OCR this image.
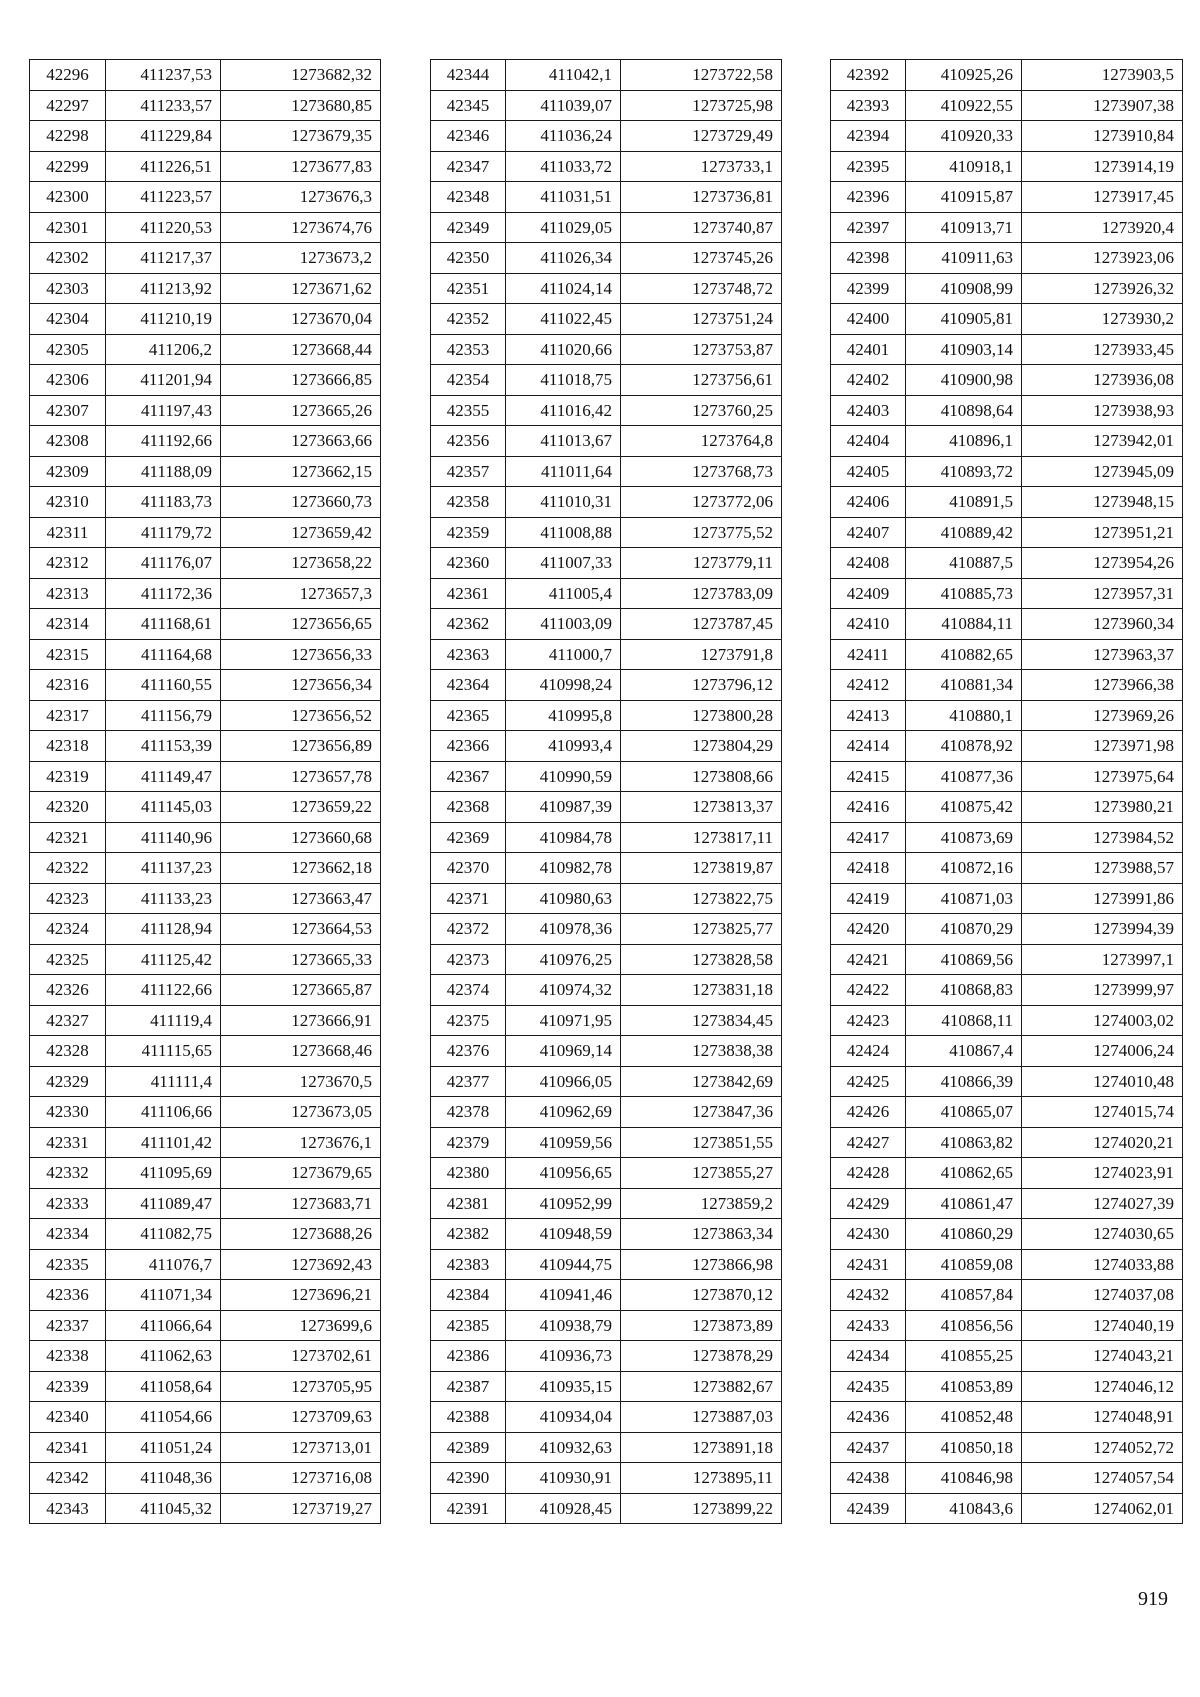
42296	411237,53	1273682,32
42297	411233,57	1273680,85
42298	411229,84	1273679,35
42299	411226,51	1273677,83
42300	411223,57	1273676,3
42301	411220,53	1273674,76
42302	411217,37	1273673,2
42303	411213,92	1273671,62
42304	411210,19	1273670,04
42305	411206,2	1273668,44
42306	411201,94	1273666,85
42307	411197,43	1273665,26
42308	411192,66	1273663,66
42309	411188,09	1273662,15
42310	411183,73	1273660,73
42311	411179,72	1273659,42
42312	411176,07	1273658,22
42313	411172,36	1273657,3
42314	411168,61	1273656,65
42315	411164,68	1273656,33
42316	411160,55	1273656,34
42317	411156,79	1273656,52
42318	411153,39	1273656,89
42319	411149,47	1273657,78
42320	411145,03	1273659,22
42321	411140,96	1273660,68
42322	411137,23	1273662,18
42323	411133,23	1273663,47
42324	411128,94	1273664,53
42325	411125,42	1273665,33
42326	411122,66	1273665,87
42327	411119,4	1273666,91
42328	411115,65	1273668,46
42329	411111,4	1273670,5
42330	411106,66	1273673,05
42331	411101,42	1273676,1
42332	411095,69	1273679,65
42333	411089,47	1273683,71
42334	411082,75	1273688,26
42335	411076,7	1273692,43
42336	411071,34	1273696,21
42337	411066,64	1273699,6
42338	411062,63	1273702,61
42339	411058,64	1273705,95
42340	411054,66	1273709,63
42341	411051,24	1273713,01
42342	411048,36	1273716,08
42343	411045,32	1273719,27
42344	411042,1	1273722,58
42345	411039,07	1273725,98
42346	411036,24	1273729,49
42347	411033,72	1273733,1
42348	411031,51	1273736,81
42349	411029,05	1273740,87
42350	411026,34	1273745,26
42351	411024,14	1273748,72
42352	411022,45	1273751,24
42353	411020,66	1273753,87
42354	411018,75	1273756,61
42355	411016,42	1273760,25
42356	411013,67	1273764,8
42357	411011,64	1273768,73
42358	411010,31	1273772,06
42359	411008,88	1273775,52
42360	411007,33	1273779,11
42361	411005,4	1273783,09
42362	411003,09	1273787,45
42363	411000,7	1273791,8
42364	410998,24	1273796,12
42365	410995,8	1273800,28
42366	410993,4	1273804,29
42367	410990,59	1273808,66
42368	410987,39	1273813,37
42369	410984,78	1273817,11
42370	410982,78	1273819,87
42371	410980,63	1273822,75
42372	410978,36	1273825,77
42373	410976,25	1273828,58
42374	410974,32	1273831,18
42375	410971,95	1273834,45
42376	410969,14	1273838,38
42377	410966,05	1273842,69
42378	410962,69	1273847,36
42379	410959,56	1273851,55
42380	410956,65	1273855,27
42381	410952,99	1273859,2
42382	410948,59	1273863,34
42383	410944,75	1273866,98
42384	410941,46	1273870,12
42385	410938,79	1273873,89
42386	410936,73	1273878,29
42387	410935,15	1273882,67
42388	410934,04	1273887,03
42389	410932,63	1273891,18
42390	410930,91	1273895,11
42391	410928,45	1273899,22
42392	410925,26	1273903,5
42393	410922,55	1273907,38
42394	410920,33	1273910,84
42395	410918,1	1273914,19
42396	410915,87	1273917,45
42397	410913,71	1273920,4
42398	410911,63	1273923,06
42399	410908,99	1273926,32
42400	410905,81	1273930,2
42401	410903,14	1273933,45
42402	410900,98	1273936,08
42403	410898,64	1273938,93
42404	410896,1	1273942,01
42405	410893,72	1273945,09
42406	410891,5	1273948,15
42407	410889,42	1273951,21
42408	410887,5	1273954,26
42409	410885,73	1273957,31
42410	410884,11	1273960,34
42411	410882,65	1273963,37
42412	410881,34	1273966,38
42413	410880,1	1273969,26
42414	410878,92	1273971,98
42415	410877,36	1273975,64
42416	410875,42	1273980,21
42417	410873,69	1273984,52
42418	410872,16	1273988,57
42419	410871,03	1273991,86
42420	410870,29	1273994,39
42421	410869,56	1273997,1
42422	410868,83	1273999,97
42423	410868,11	1274003,02
42424	410867,4	1274006,24
42425	410866,39	1274010,48
42426	410865,07	1274015,74
42427	410863,82	1274020,21
42428	410862,65	1274023,91
42429	410861,47	1274027,39
42430	410860,29	1274030,65
42431	410859,08	1274033,88
42432	410857,84	1274037,08
42433	410856,56	1274040,19
42434	410855,25	1274043,21
42435	410853,89	1274046,12
42436	410852,48	1274048,91
42437	410850,18	1274052,72
42438	410846,98	1274057,54
42439	410843,6	1274062,01
919
